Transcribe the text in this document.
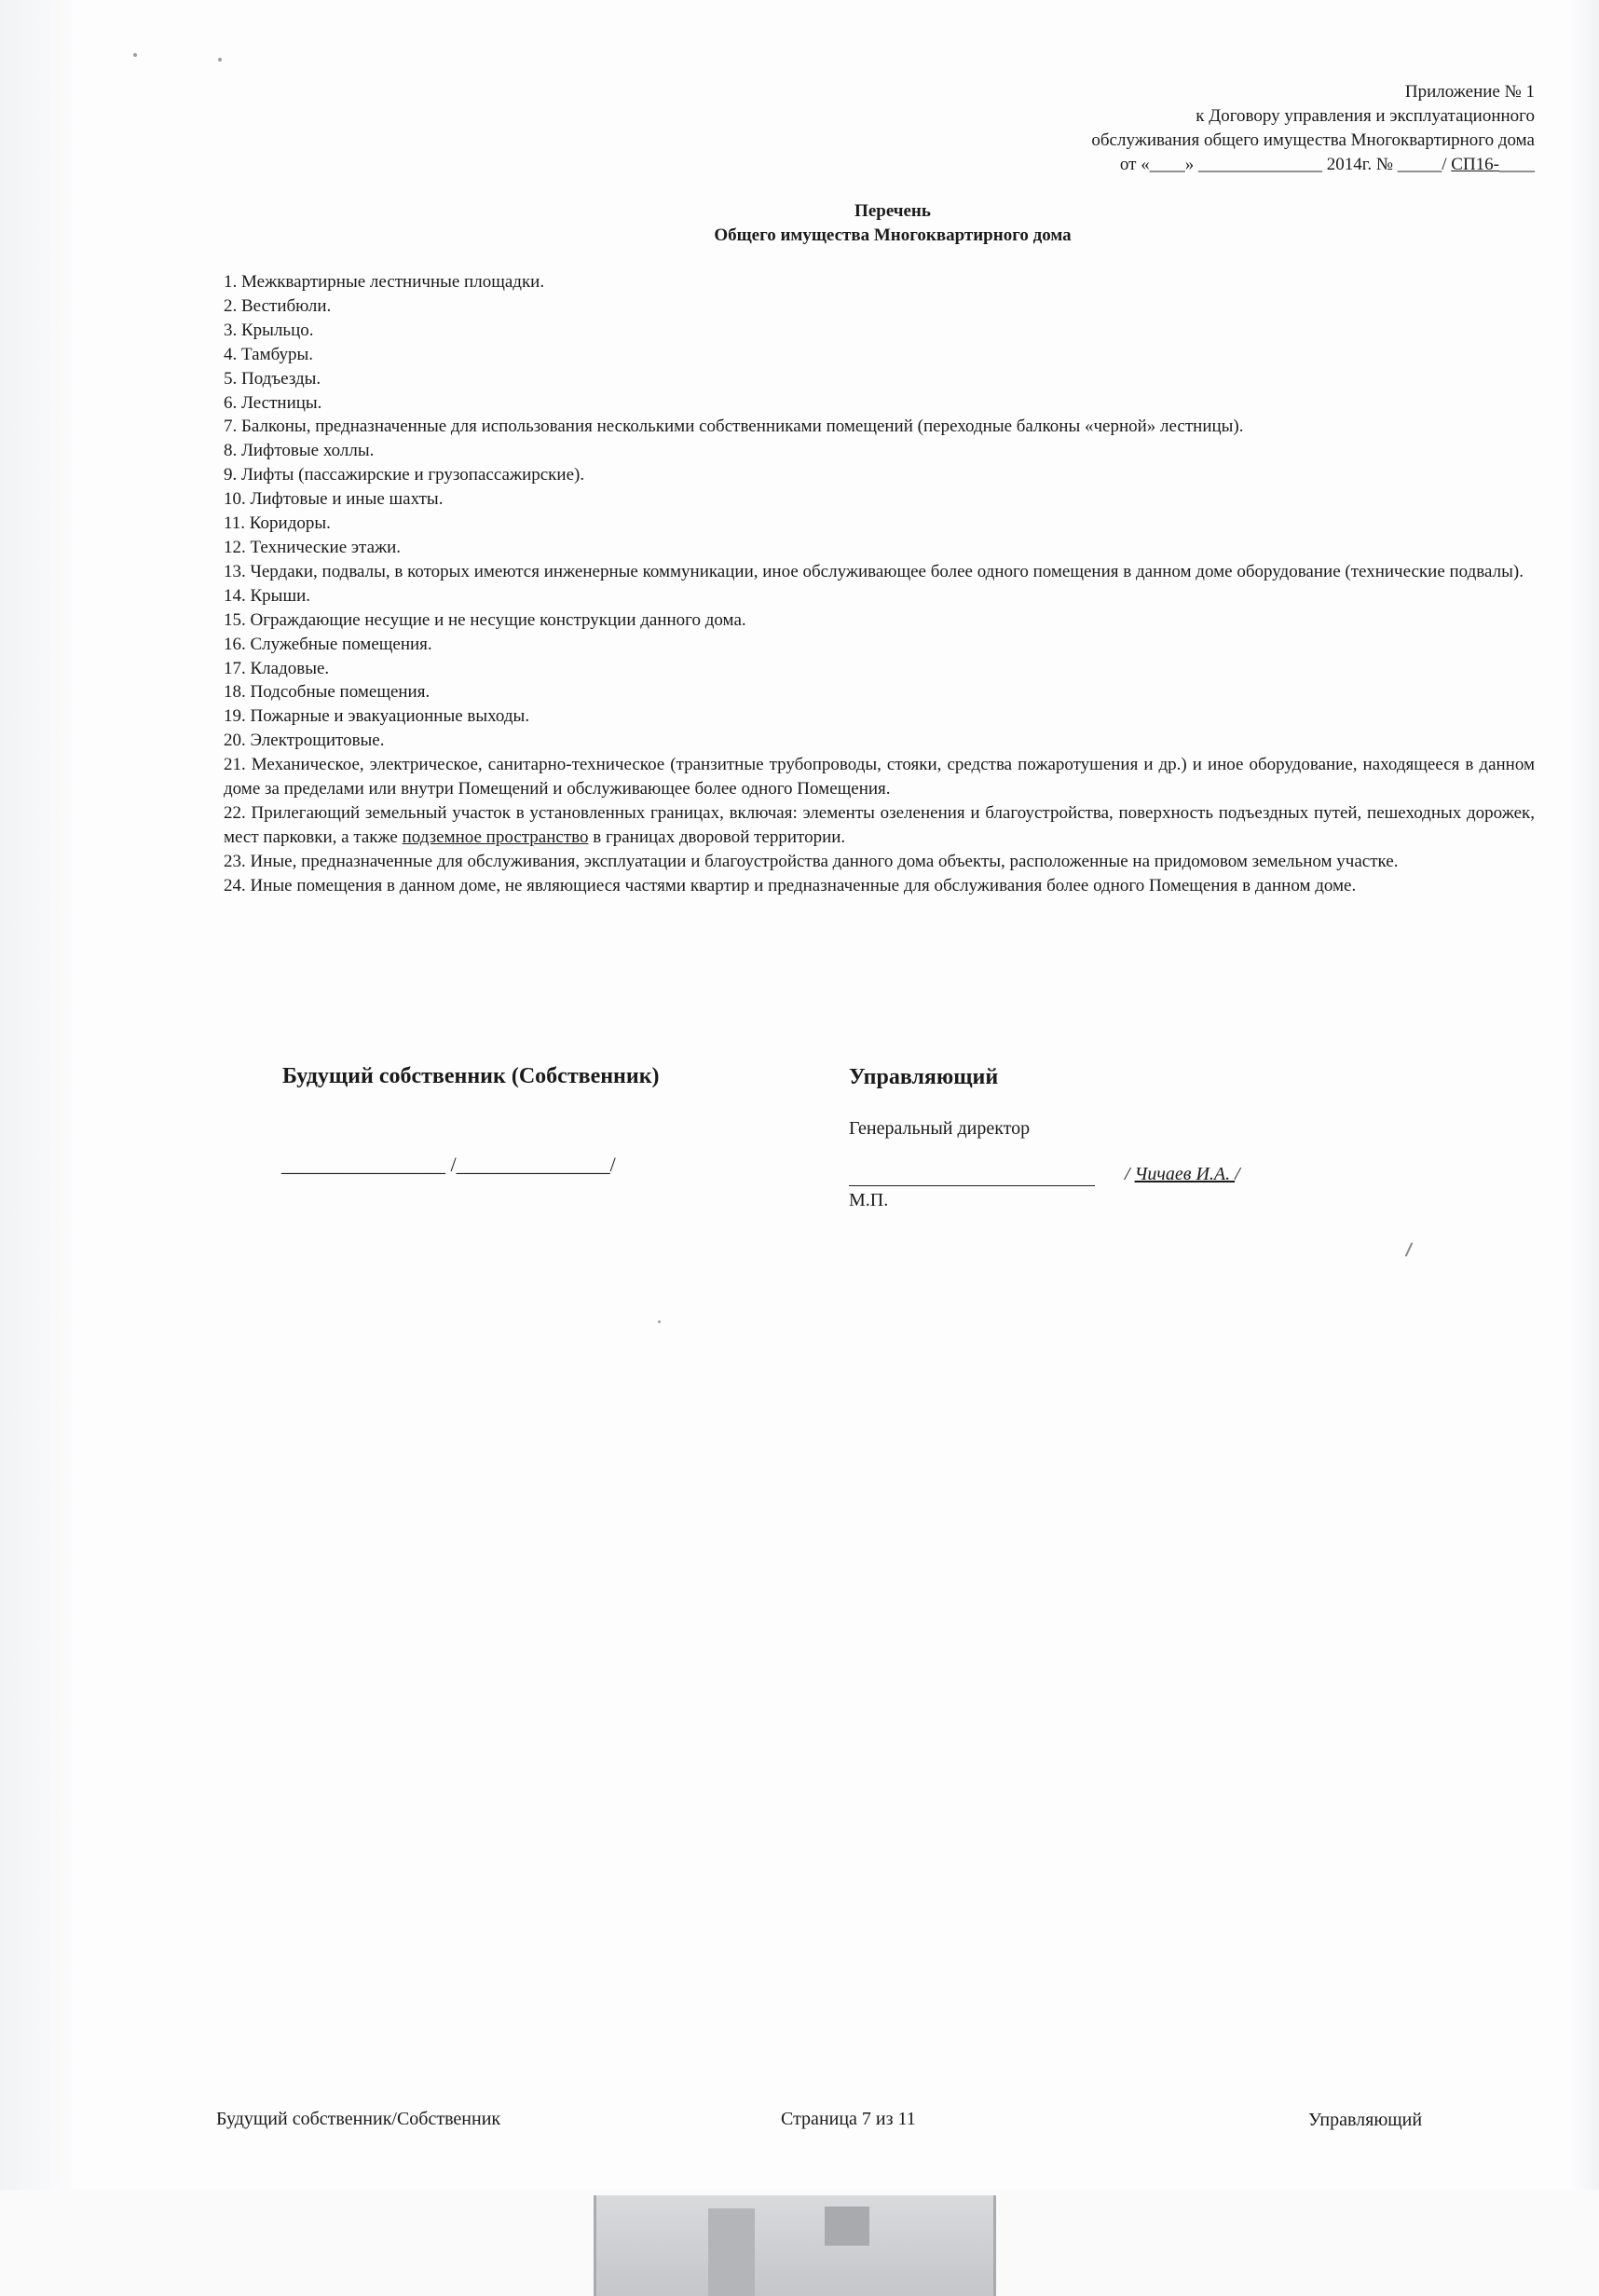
Приложение № 1
к Договору управления и эксплуатационного
обслуживания общего имущества Многоквартирного дома
от «____» ______________ 2014г. № _____/ СП16-____
Перечень
Общего имущества Многоквартирного дома
1. Межквартирные лестничные площадки.
2. Вестибюли.
3. Крыльцо.
4. Тамбуры.
5. Подъезды.
6. Лестницы.
7. Балконы, предназначенные для использования несколькими собственниками помещений (переходные балконы «черной» лестницы).
8. Лифтовые холлы.
9. Лифты (пассажирские и грузопассажирские).
10. Лифтовые и иные шахты.
11. Коридоры.
12. Технические этажи.
13. Чердаки, подвалы, в которых имеются инженерные коммуникации, иное обслуживающее более одного помещения в данном доме оборудование (технические подвалы).
14. Крыши.
15. Ограждающие несущие и не несущие конструкции данного дома.
16. Служебные помещения.
17. Кладовые.
18. Подсобные помещения.
19. Пожарные и эвакуационные выходы.
20. Электрощитовые.
21. Механическое, электрическое, санитарно-техническое (транзитные трубопроводы, стояки, средства пожаротушения и др.) и иное оборудование, находящееся в данном доме за пределами или внутри Помещений и обслуживающее более одного Помещения.
22. Прилегающий земельный участок в установленных границах, включая: элементы озеленения и благоустройства, поверхность подъездных путей, пешеходных дорожек, мест парковки, а также подземное пространство в границах дворовой территории.
23. Иные, предназначенные для обслуживания, эксплуатации и благоустройства данного дома объекты, расположенные на придомовом земельном участке.
24. Иные помещения в данном доме, не являющиеся частями квартир и предназначенные для обслуживания более одного Помещения в данном доме.
Будущий собственник (Собственник)
________________ /_______________/
Управляющий
Генеральный директор
/ Чичаев И.А. /
М.П.
Будущий собственник/Собственник	Страница 7 из 11	Управляющий
